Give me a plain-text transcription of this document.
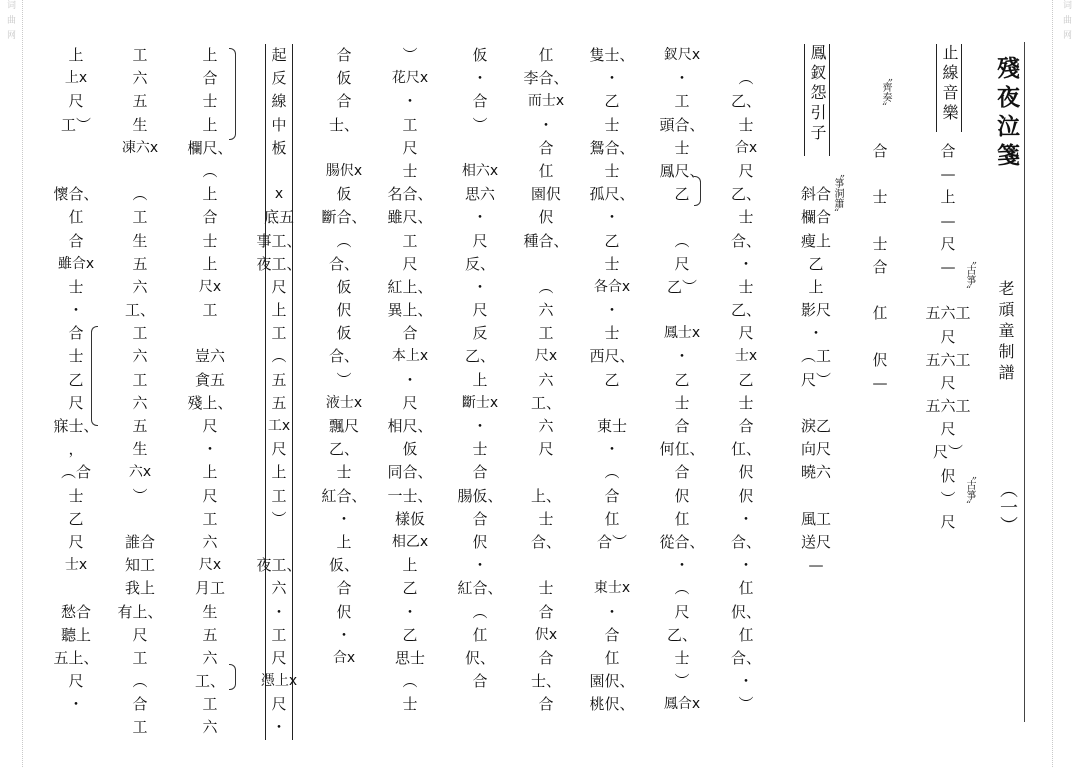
词曲网	词曲网
殘夜泣箋
老頑童制譜
（一）
止線音樂
鳳釵怨引子
〝古箏〞
〝古箏〞
〝齊奏〞
〝箏洞簫〞
合
—
上
—
尺
—
五六工
尺
五六工
尺
五六工
尺
尺︶
伬
︶
尺
合
士
士
合
仜
伬
—
斜合
欄合
瘦上
乙
上
影尺
・
︵工
尺︶
淚乙
向尺
曉六
風工
送尺
—
︵
乙、
士
合x
尺
乙、
士
合、
・
士
乙、
尺
士x
乙
士
合
仜、
伬
伬
・
合、
・
仜
伬、
仜
合、
・
︶
釵尺x
・
工
頭合、
士
鳳尺、
乙
︵
尺
乙︶
鳳士x
・
乙
士
合
何仜、
合
伬
仜
從合、
・
︵
尺
乙、
士
︶
鳳合x
隻士、
・
乙
士
鴛合、
士
孤尺、
・
乙
士
各合x
・
士
西尺、
乙
東士
・
︵
合
仜
合︶
東士x
・
合
仜
園伬、
桃伬、
仜
李合、
而士x
・
合
仜
園伬
伬
種合、
︵
六
工
尺x
六
工、
六
尺
上、
士
合、
士
合
伬x
合
士、
合
仮
・
合
︶
相六x
思六
・
尺
反、
・
尺
反
乙、
上
斷士x
・
士
合
腸仮、
合
伬
・
紅合、
︵
仜
伬、
合
︶
花尺x
・
工
尺
士
名合、
雖尺、
工
尺
紅上、
異上、
合
本上x
・
尺
相尺、
仮
同合、
一士、
樣仮
相乙x
上
乙
・
乙
思士
︵
士
合
仮
合
士、
腸伬x
仮
斷合、
︵
合、
仮
伬
仮
合、
︶
液士x
飄尺
乙、
士
紅合、
・
上
仮、
合
伬
・
合x
起
反
線
中
板
x
底五
事工、
夜工、
尺
上
工
︵
五
五
工x
尺
上
工
︶
夜工、
六
・
工
尺
憑上x
尺
・
上
合
士
上
欄尺、
︵
上
合
士
上
尺x
工
豈六
貪五
殘上、
尺
・
上
尺
工
六
尺x
月工
生
五
六
工、
工
六
工
六
五
生
凍六x
︵
工
生
五
六
工、
工
六
工
六
五
生
六x
︶
誰合
知工
我上
有上、
尺
工
︵
合
工
上
上x
尺
工︶
懷合、
仜
合
雖合x
士
・
合
士
乙
尺
寐士、
，
︵合
士
乙
尺
士x
愁合
聽上
五上、
尺
・
